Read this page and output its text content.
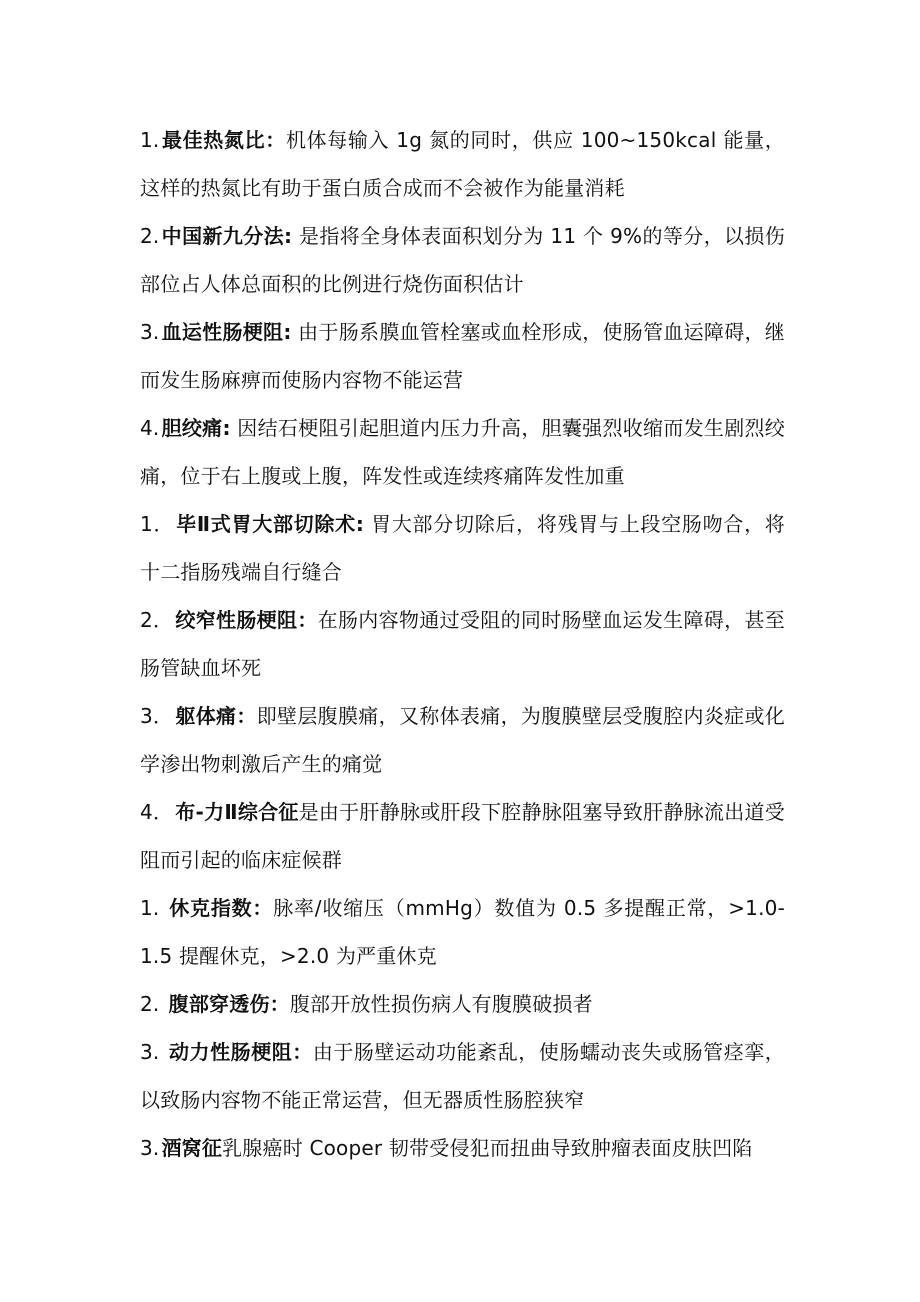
1. 最佳热氮比：机体每输入 1g 氮的同时，供应 100~150kcal 能量，这样的热氮比有助于蛋白质合成而不会被作为能量消耗
2. 中国新九分法: 是指将全身体表面积划分为 11 个 9%的等分，以损伤部位占人体总面积的比例进行烧伤面积估计
3. 血运性肠梗阻: 由于肠系膜血管栓塞或血栓形成，使肠管血运障碍，继而发生肠麻痹而使肠内容物不能运营
4. 胆绞痛: 因结石梗阻引起胆道内压力升高，胆囊强烈收缩而发生剧烈绞痛，位于右上腹或上腹，阵发性或连续疼痛阵发性加重
1． 毕Ⅱ式胃大部切除术: 胃大部分切除后，将残胃与上段空肠吻合，将十二指肠残端自行缝合
2． 绞窄性肠梗阻：在肠内容物通过受阻的同时肠壁血运发生障碍，甚至肠管缺血坏死
3． 躯体痛：即壁层腹膜痛，又称体表痛，为腹膜壁层受腹腔内炎症或化学渗出物刺激后产生的痛觉
4． 布-力Ⅱ综合征是由于肝静脉或肝段下腔静脉阻塞导致肝静脉流出道受阻而引起的临床症候群
1. 休克指数：脉率/收缩压（mmHg）数值为 0.5 多提醒正常，>1.0-1.5 提醒休克，>2.0 为严重休克
2. 腹部穿透伤：腹部开放性损伤病人有腹膜破损者
3. 动力性肠梗阻：由于肠壁运动功能紊乱，使肠蠕动丧失或肠管痉挛，以致肠内容物不能正常运营，但无器质性肠腔狭窄
3. 酒窝征乳腺癌时 Cooper 韧带受侵犯而扭曲导致肿瘤表面皮肤凹陷
